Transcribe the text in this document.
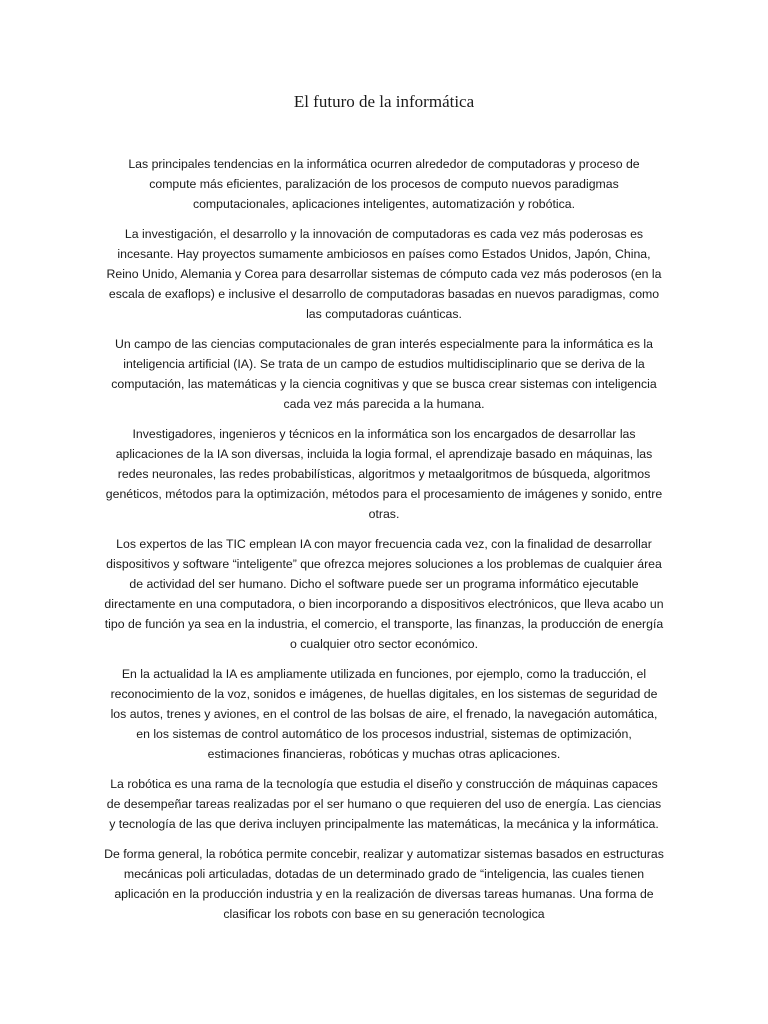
El futuro de la informática

Las principales tendencias en la informática ocurren alrededor de computadoras y proceso de compute más eficientes, paralización de los procesos de computo nuevos paradigmas computacionales, aplicaciones inteligentes, automatización y robótica.

La investigación, el desarrollo y la innovación de computadoras es cada vez más poderosas es incesante. Hay proyectos sumamente ambiciosos en países como Estados Unidos, Japón, China, Reino Unido, Alemania y Corea para desarrollar sistemas de cómputo cada vez más poderosos (en la escala de exaflops) e inclusive el desarrollo de computadoras basadas en nuevos paradigmas, como las computadoras cuánticas.

Un campo de las ciencias computacionales de gran interés especialmente para la informática es la inteligencia artificial (IA). Se trata de un campo de estudios multidisciplinario que se deriva de la computación, las matemáticas y la ciencia cognitivas y que se busca crear sistemas con inteligencia cada vez más parecida a la humana.

Investigadores, ingenieros y técnicos en la informática son los encargados de desarrollar las aplicaciones de la IA son diversas, incluida la logia formal, el aprendizaje basado en máquinas, las redes neuronales, las redes probabilísticas, algoritmos y metaalgoritmos de búsqueda, algoritmos genéticos, métodos para la optimización, métodos para el procesamiento de imágenes y sonido, entre otras.

Los expertos de las TIC emplean IA con mayor frecuencia cada vez, con la finalidad de desarrollar dispositivos y software “inteligente” que ofrezca mejores soluciones a los problemas de cualquier área de actividad del ser humano. Dicho el software puede ser un programa informático ejecutable directamente en una computadora, o bien incorporando a dispositivos electrónicos, que lleva acabo un tipo de función ya sea en la industria, el comercio, el transporte, las finanzas, la producción de energía o cualquier otro sector económico.

En la actualidad la IA es ampliamente utilizada en funciones, por ejemplo, como la traducción, el reconocimiento de la voz, sonidos e imágenes, de huellas digitales, en los sistemas de seguridad de los autos, trenes y aviones, en el control de las bolsas de aire, el frenado, la navegación automática, en los sistemas de control automático de los procesos industrial, sistemas de optimización, estimaciones financieras, robóticas y muchas otras aplicaciones.

La robótica es una rama de la tecnología que estudia el diseño y construcción de máquinas capaces de desempeñar tareas realizadas por el ser humano o que requieren del uso de energía. Las ciencias y tecnología de las que deriva incluyen principalmente las matemáticas, la mecánica y la informática.

De forma general, la robótica permite concebir, realizar y automatizar sistemas basados en estructuras mecánicas poli articuladas, dotadas de un determinado grado de “inteligencia, las cuales tienen aplicación en la producción industria y en la realización de diversas tareas humanas. Una forma de clasificar los robots con base en su generación tecnologica
